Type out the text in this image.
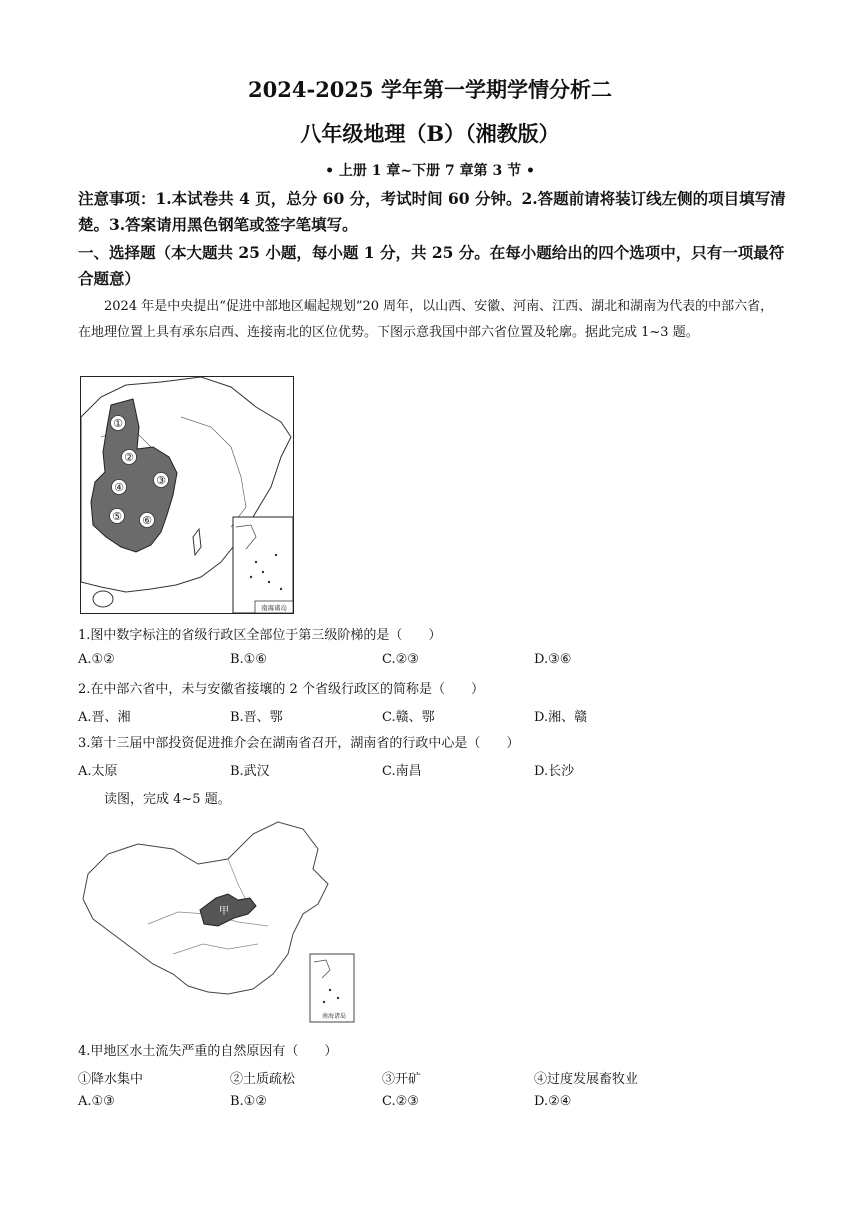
2024-2025 学年第一学期学情分析二
八年级地理（B）（湘教版）
• 上册 1 章~下册 7 章第 3 节 •
注意事项：1.本试卷共 4 页，总分 60 分，考试时间 60 分钟。2.答题前请将装订线左侧的项目填写清楚。3.答案请用黑色钢笔或签字笔填写。
一、选择题（本大题共 25 小题，每小题 1 分，共 25 分。在每小题给出的四个选项中，只有一项最符合题意）
2024 年是中央提出“促进中部地区崛起规划”20 周年，以山西、安徽、河南、江西、湖北和湖南为代表的中部六省，在地理位置上具有承东启西、连接南北的区位优势。下图示意我国中部六省位置及轮廓。据此完成 1~3 题。
南海诸岛
①
②
③
④
⑤ ⑥
1.图中数字标注的省级行政区全部位于第三级阶梯的是（　　）
A.①②	B.①⑥	C.②③	D.③⑥
2.在中部六省中，未与安徽省接壤的 2 个省级行政区的简称是（　　）
A.晋、湘	B.晋、鄂	C.赣、鄂	D.湘、赣
3.第十三届中部投资促进推介会在湖南省召开，湖南省的行政中心是（　　）
A.太原	B.武汉	C.南昌	D.长沙
读图，完成 4~5 题。
甲
南海诸岛
4.甲地区水土流失严重的自然原因有（　　）
①降水集中	②土质疏松	③开矿	④过度发展畜牧业
A.①③	B.①②	C.②③	D.②④
